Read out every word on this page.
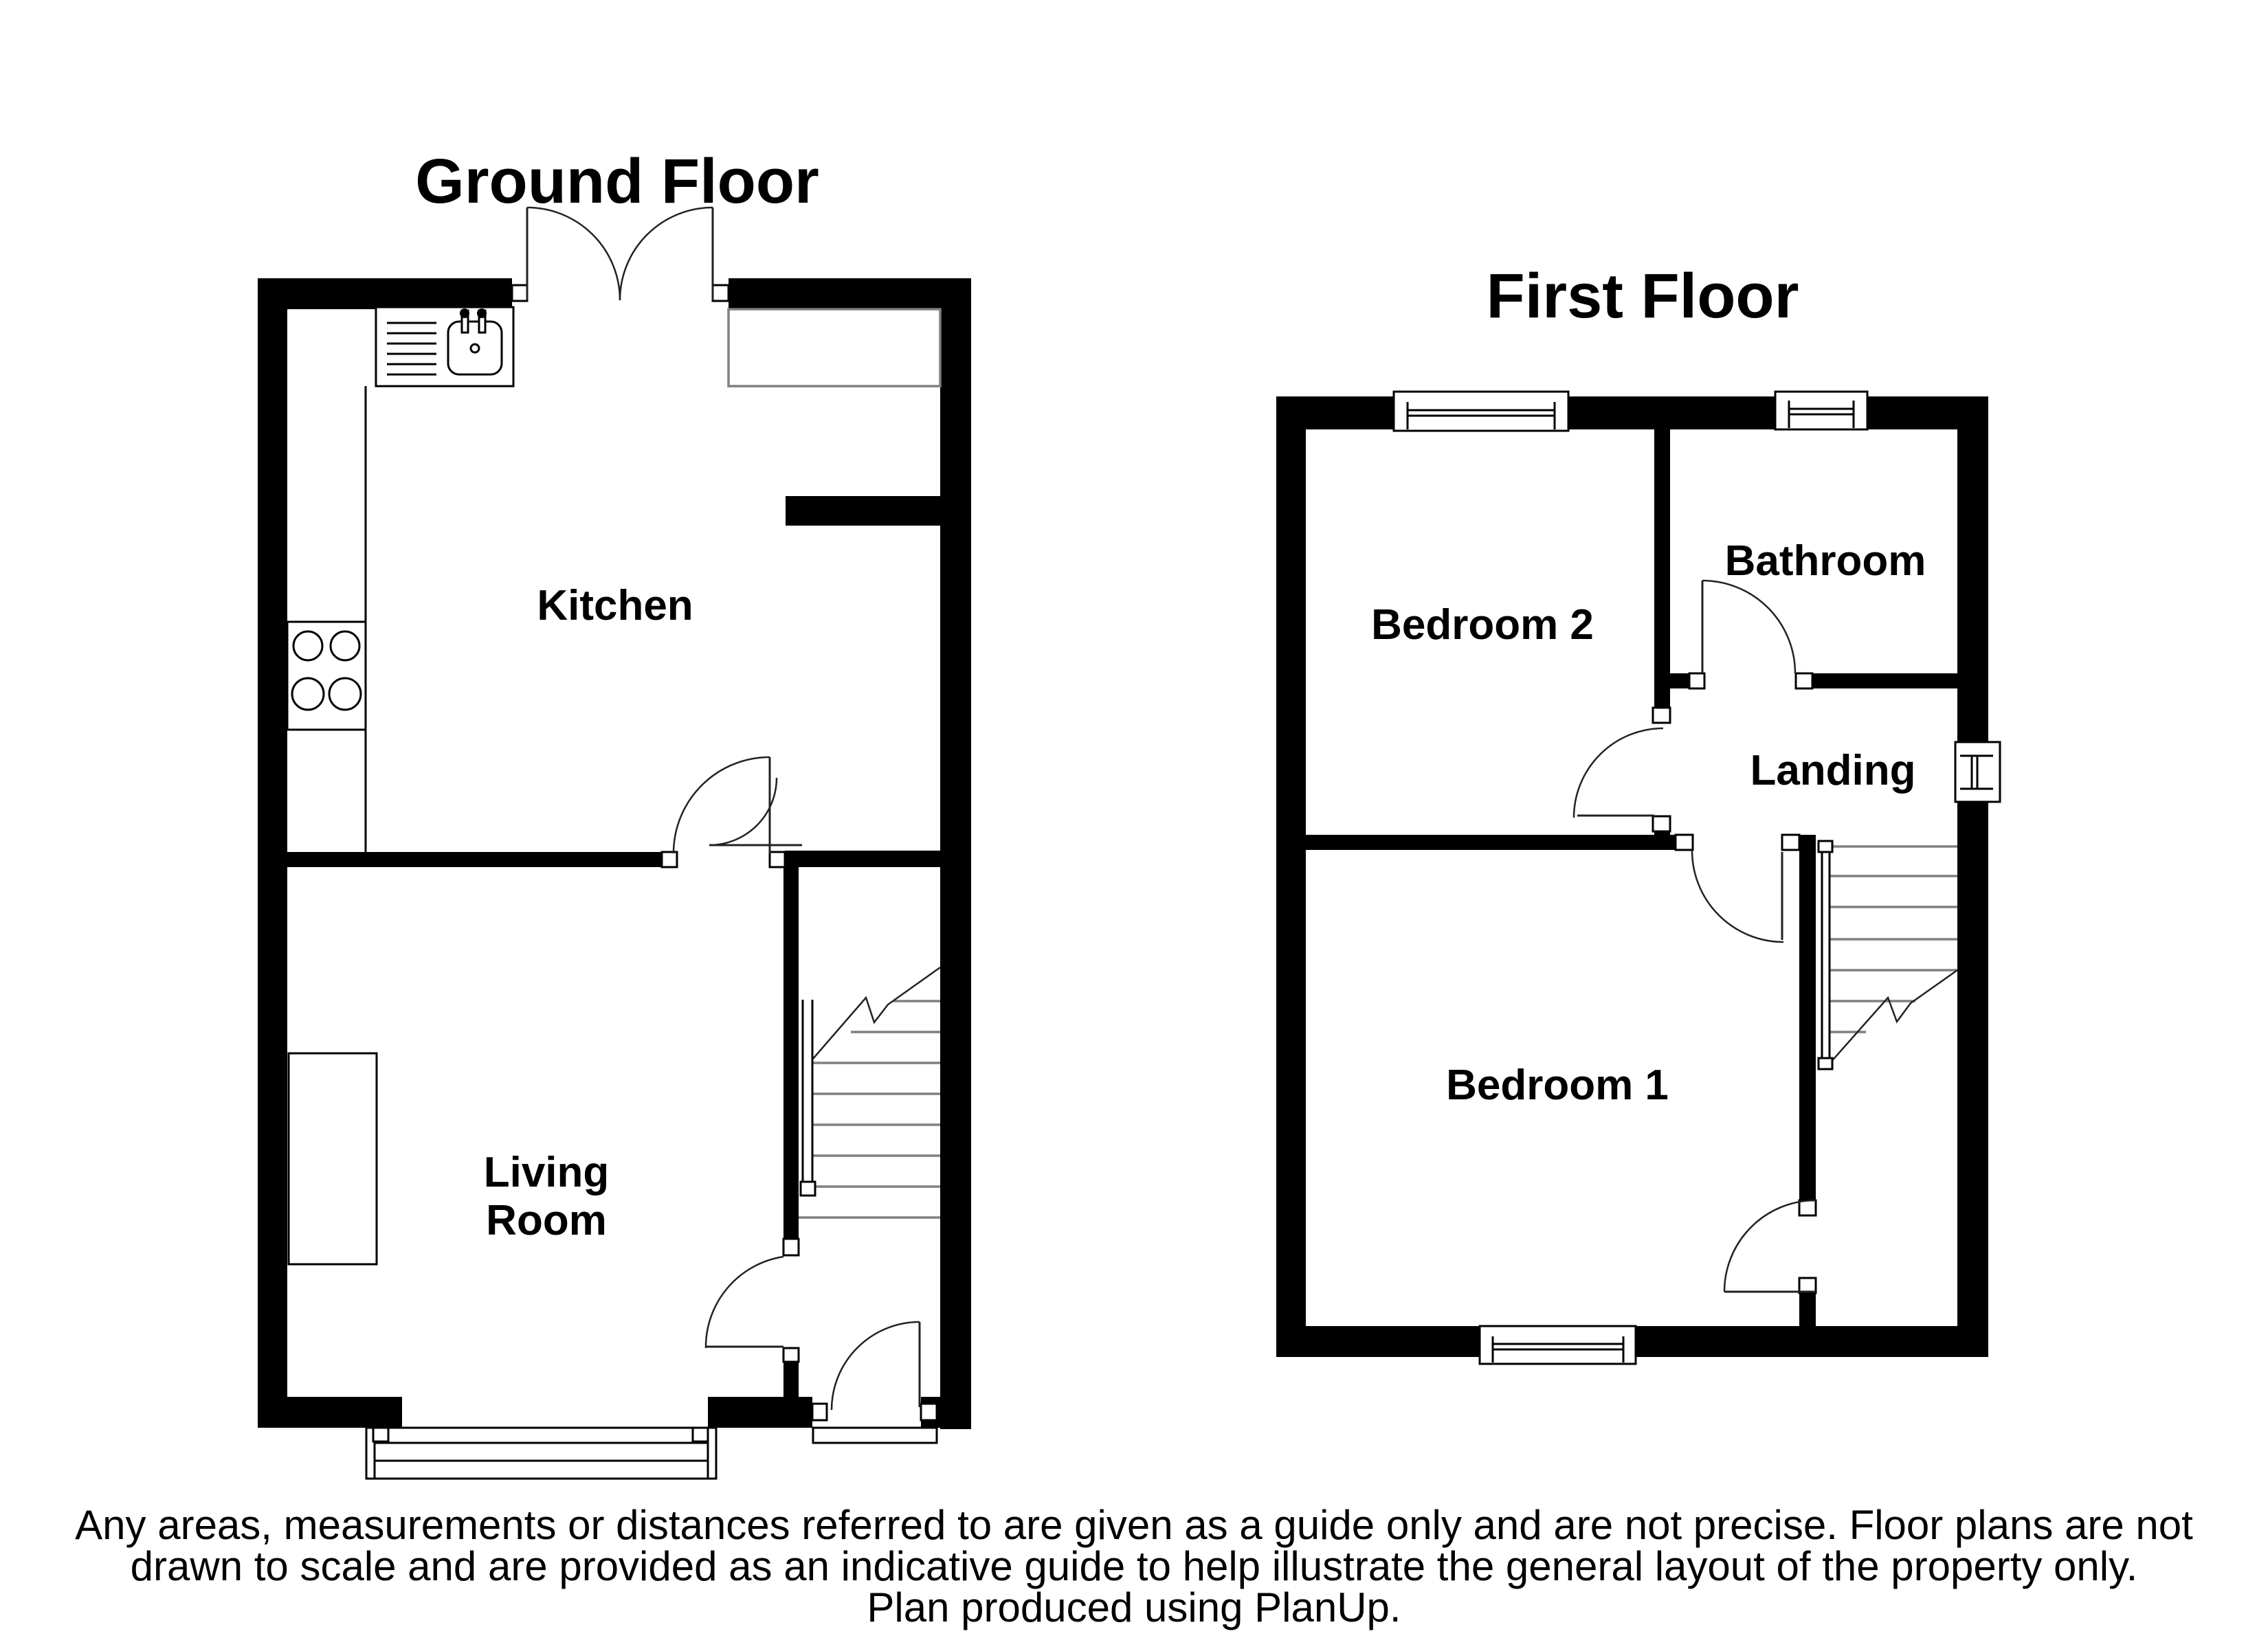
Ground Floor
Kitchen
Living
Room
First Floor
Bedroom 2
Bathroom
Landing
Bedroom 1
Any areas, measurements or distances referred to are given as a guide only and are not precise. Floor plans are not
drawn to scale and are provided as an indicative guide to help illustrate the general layout of the property only.
Plan produced using PlanUp.
